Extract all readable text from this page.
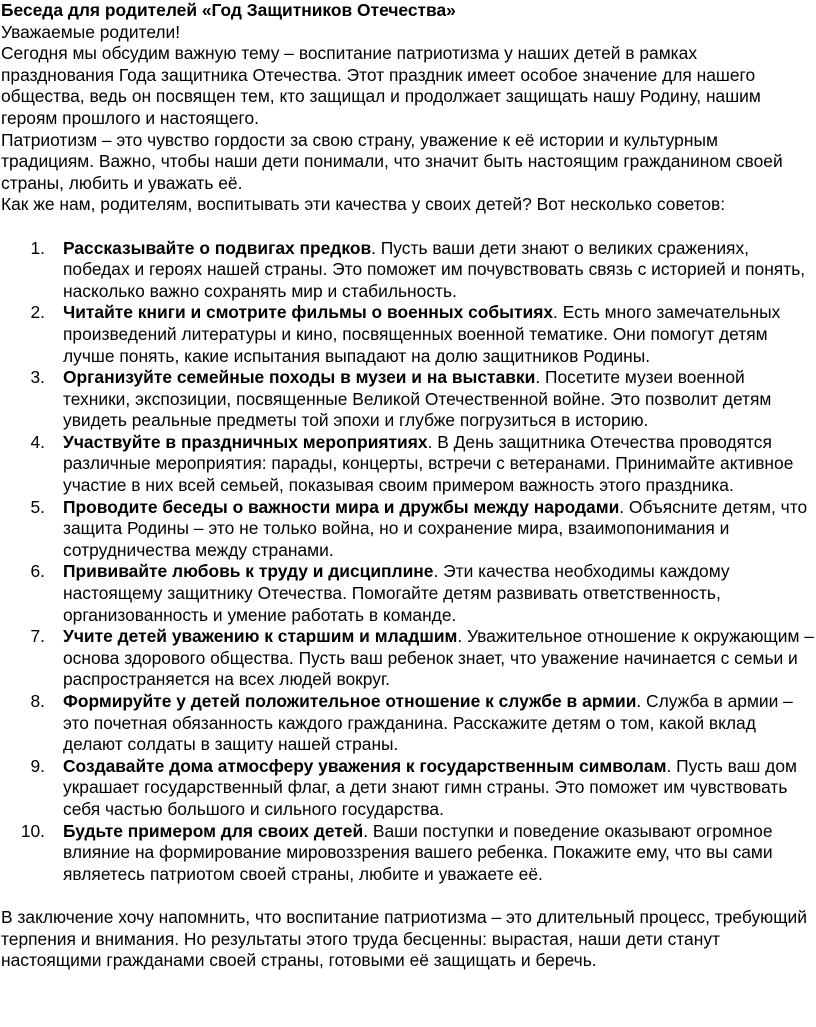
Беседа для родителей «Год Защитников Отечества»

Уважаемые родители!

Сегодня мы обсудим важную тему – воспитание патриотизма у наших детей в рамках празднования Года защитника Отечества. Этот праздник имеет особое значение для нашего общества, ведь он посвящен тем, кто защищал и продолжает защищать нашу Родину, нашим героям прошлого и настоящего.

Патриотизм – это чувство гордости за свою страну, уважение к её истории и культурным традициям. Важно, чтобы наши дети понимали, что значит быть настоящим гражданином своей страны, любить и уважать её.

Как же нам, родителям, воспитывать эти качества у своих детей? Вот несколько советов:

1. Рассказывайте о подвигах предков. Пусть ваши дети знают о великих сражениях, победах и героях нашей страны. Это поможет им почувствовать связь с историей и понять, насколько важно сохранять мир и стабильность.
2. Читайте книги и смотрите фильмы о военных событиях. Есть много замечательных произведений литературы и кино, посвященных военной тематике. Они помогут детям лучше понять, какие испытания выпадают на долю защитников Родины.
3. Организуйте семейные походы в музеи и на выставки. Посетите музеи военной техники, экспозиции, посвященные Великой Отечественной войне. Это позволит детям увидеть реальные предметы той эпохи и глубже погрузиться в историю.
4. Участвуйте в праздничных мероприятиях. В День защитника Отечества проводятся различные мероприятия: парады, концерты, встречи с ветеранами. Принимайте активное участие в них всей семьей, показывая своим примером важность этого праздника.
5. Проводите беседы о важности мира и дружбы между народами. Объясните детям, что защита Родины – это не только война, но и сохранение мира, взаимопонимания и сотрудничества между странами.
6. Прививайте любовь к труду и дисциплине. Эти качества необходимы каждому настоящему защитнику Отечества. Помогайте детям развивать ответственность, организованность и умение работать в команде.
7. Учите детей уважению к старшим и младшим. Уважительное отношение к окружающим – основа здорового общества. Пусть ваш ребенок знает, что уважение начинается с семьи и распространяется на всех людей вокруг.
8. Формируйте у детей положительное отношение к службе в армии. Служба в армии – это почетная обязанность каждого гражданина. Расскажите детям о том, какой вклад делают солдаты в защиту нашей страны.
9. Создавайте дома атмосферу уважения к государственным символам. Пусть ваш дом украшает государственный флаг, а дети знают гимн страны. Это поможет им чувствовать себя частью большого и сильного государства.
10. Будьте примером для своих детей. Ваши поступки и поведение оказывают огромное влияние на формирование мировоззрения вашего ребенка. Покажите ему, что вы сами являетесь патриотом своей страны, любите и уважаете её.

В заключение хочу напомнить, что воспитание патриотизма – это длительный процесс, требующий терпения и внимания. Но результаты этого труда бесценны: вырастая, наши дети станут настоящими гражданами своей страны, готовыми её защищать и беречь.
